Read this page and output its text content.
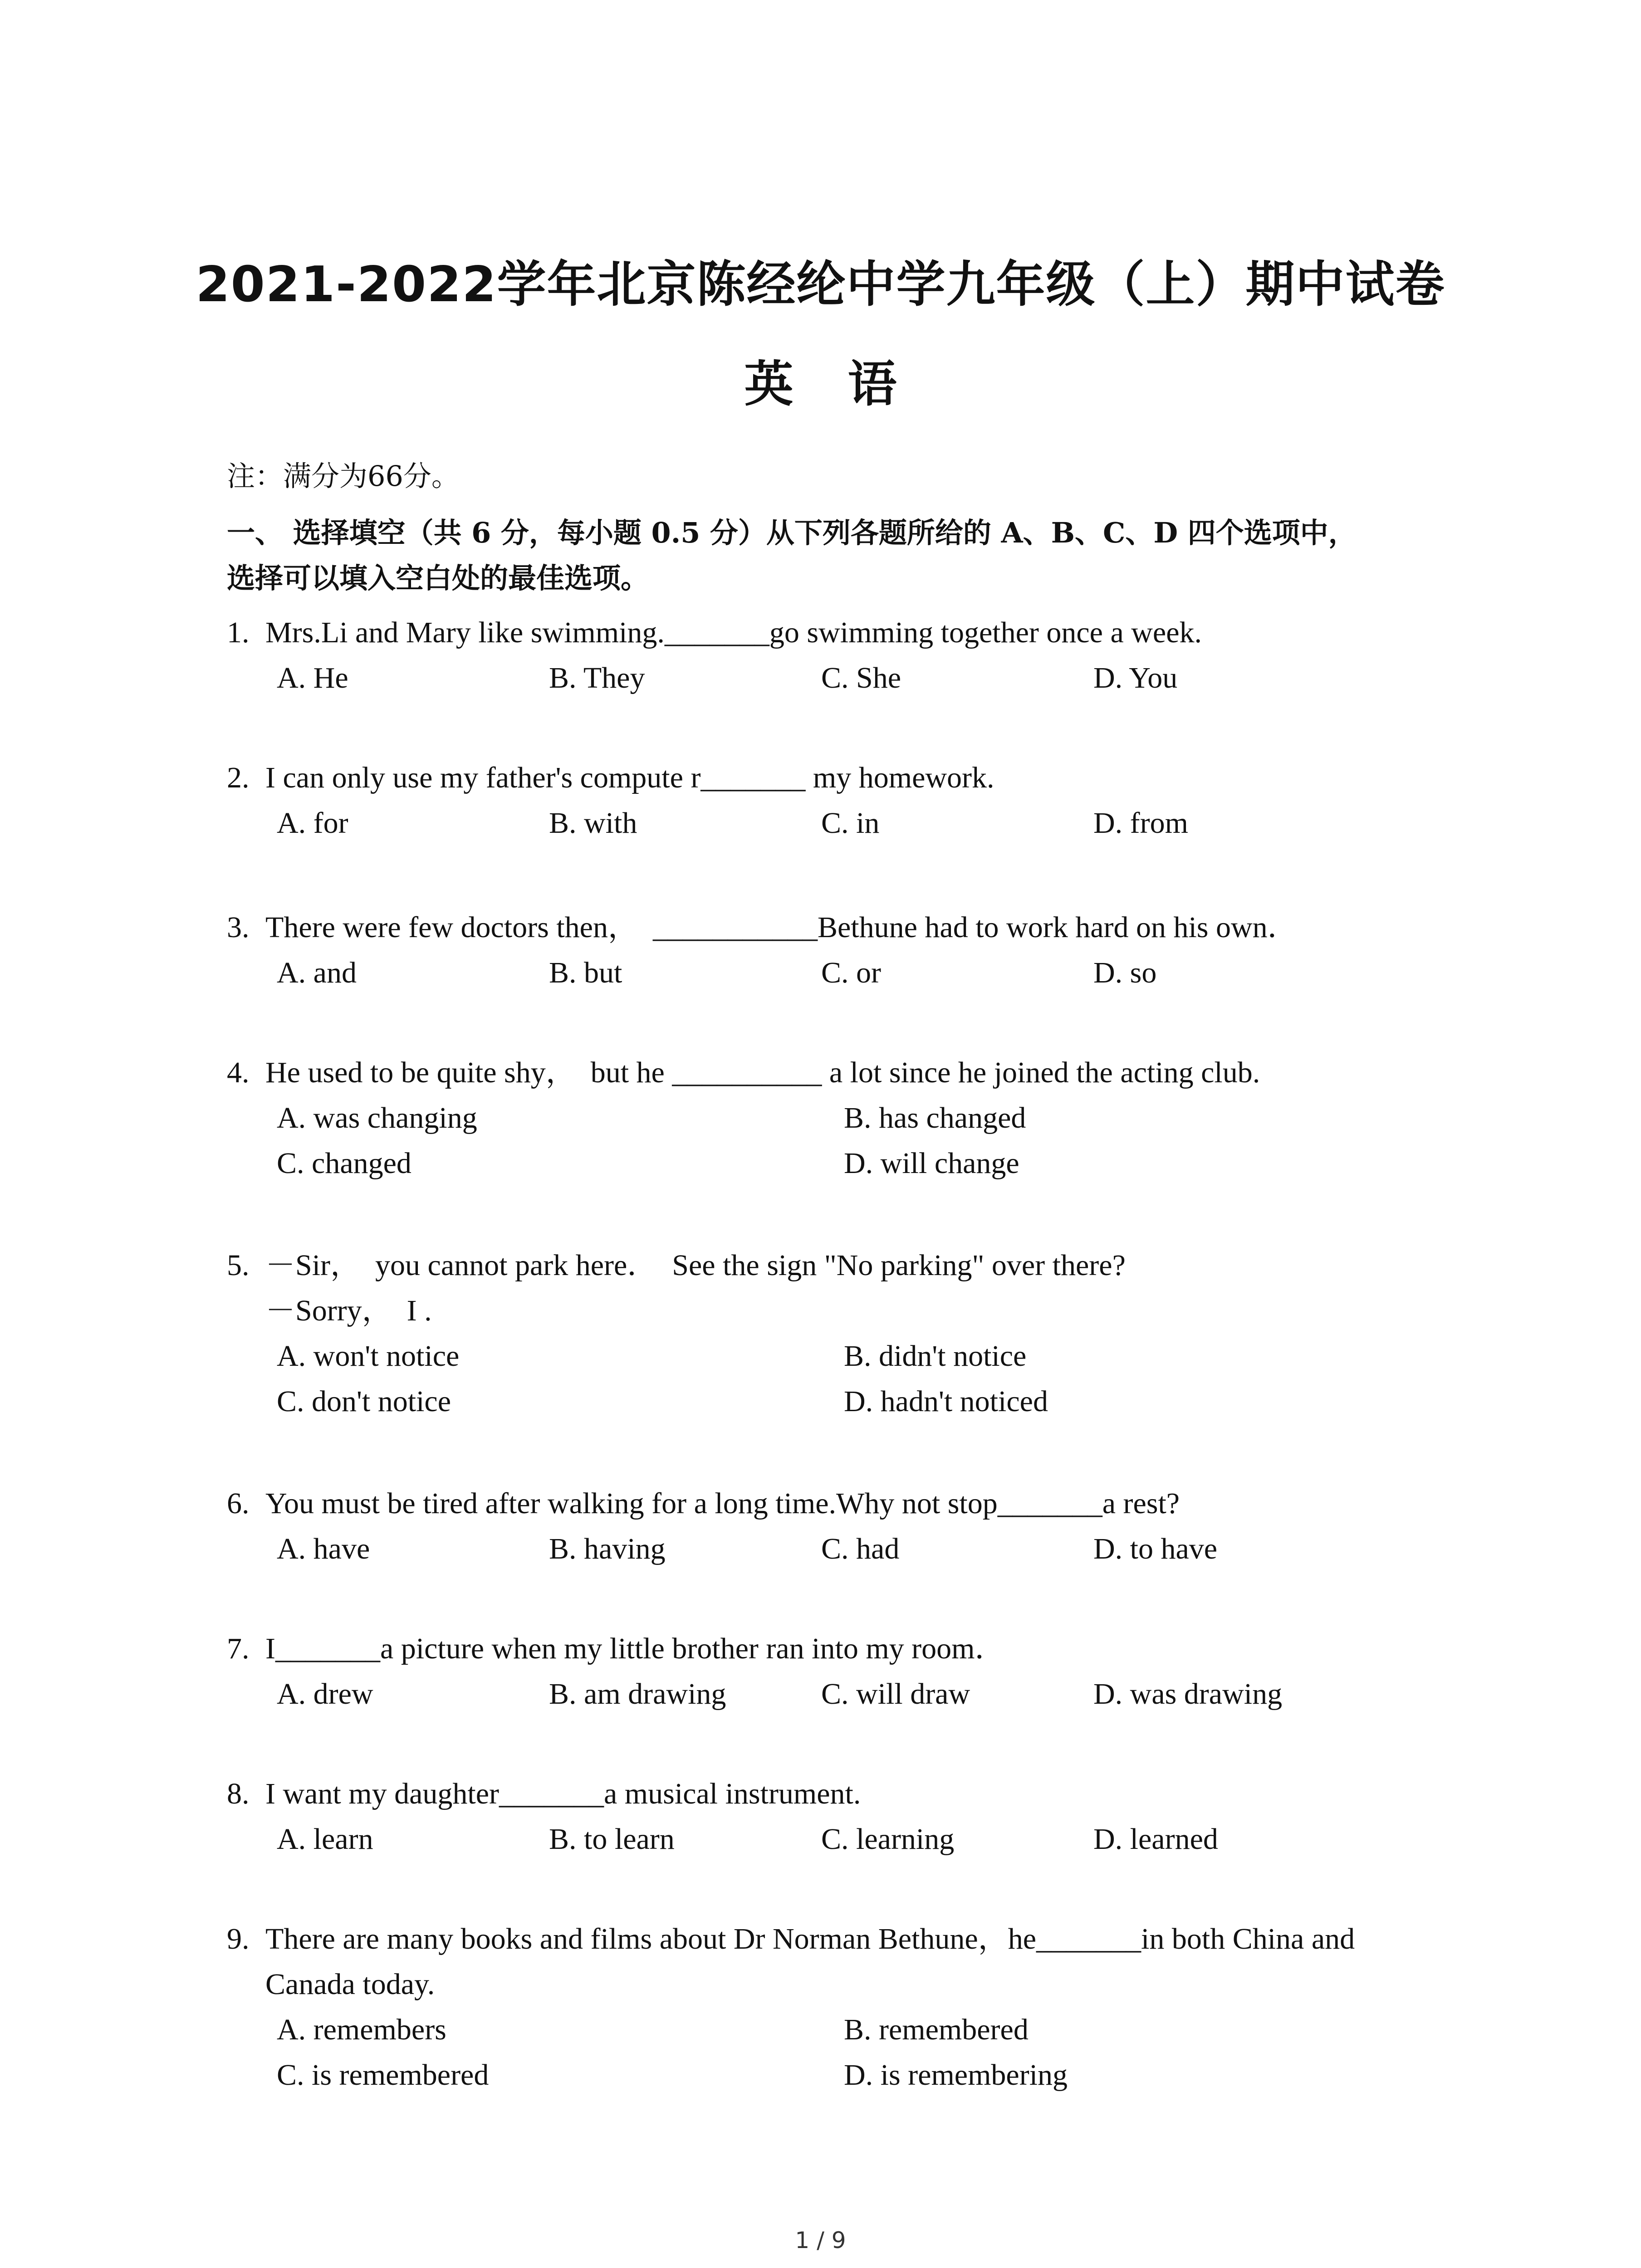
2021-2022学年北京陈经纶中学九年级（上）期中试卷
英语
注：满分为66分。
一、 选择填空（共 6 分，每小题 0.5 分）从下列各题所给的 A、B、C、D 四个选项中，
选择可以填入空白处的最佳选项。
1. Mrs.Li and Mary like swimming._______go swimming together once a week.
A. He	B. They	C. She	D. You
2. I can only use my father's compute r_______ my homework.
A. for	B. with	C. in	D. from
3. There were few doctors then，  ___________Bethune had to work hard on his own．
A. and	B. but	C. or	D. so
4. He used to be quite shy，  but he __________ a lot since he joined the acting club.
A. was changing	B. has changed
C. changed	D. will change
5. －Sir，  you cannot park here．  See the sign "No parking" over there?
－Sorry，  I .
A. won't notice	B. didn't notice
C. don't notice	D. hadn't noticed
6. You must be tired after walking for a long time.Why not stop_______a rest?
A. have	B. having	C. had	D. to have
7. I_______a picture when my little brother ran into my room．
A. drew	B. am drawing	C. will draw	D. was drawing
8. I want my daughter_______a musical instrument.
A. learn	B. to learn	C. learning	D. learned
9. There are many books and films about Dr Norman Bethune，he_______in both China and
Canada today.
A. remembers	B. remembered
C. is remembered	D. is remembering
1 / 9
